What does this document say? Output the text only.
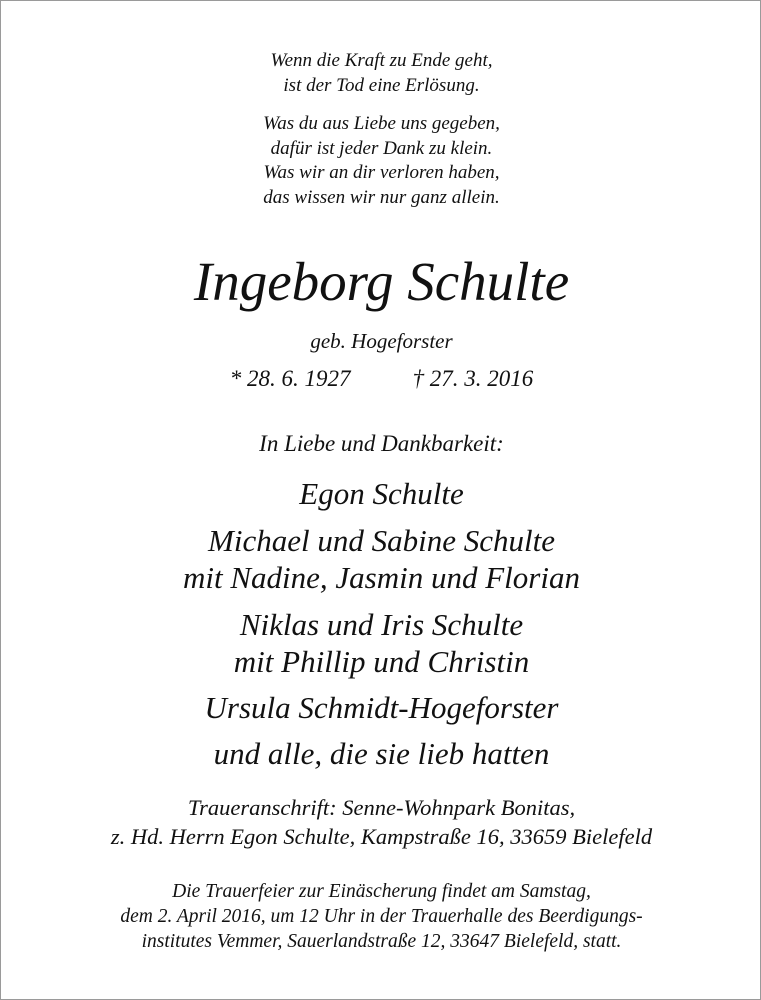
Wenn die Kraft zu Ende geht,
ist der Tod eine Erlösung.
Was du aus Liebe uns gegeben,
dafür ist jeder Dank zu klein.
Was wir an dir verloren haben,
das wissen wir nur ganz allein.
Ingeborg Schulte
geb. Hogeforster
* 28. 6. 1927	† 27. 3. 2016
In Liebe und Dankbarkeit:
Egon Schulte
Michael und Sabine Schulte
mit Nadine, Jasmin und Florian
Niklas und Iris Schulte
mit Phillip und Christin
Ursula Schmidt-Hogeforster
und alle, die sie lieb hatten
Traueranschrift: Senne-Wohnpark Bonitas,
z. Hd. Herrn Egon Schulte, Kampstraße 16, 33659 Bielefeld
Die Trauerfeier zur Einäscherung findet am Samstag,
dem 2. April 2016, um 12 Uhr in der Trauerhalle des Beerdigungs-
institutes Vemmer, Sauerlandstraße 12, 33647 Bielefeld, statt.
